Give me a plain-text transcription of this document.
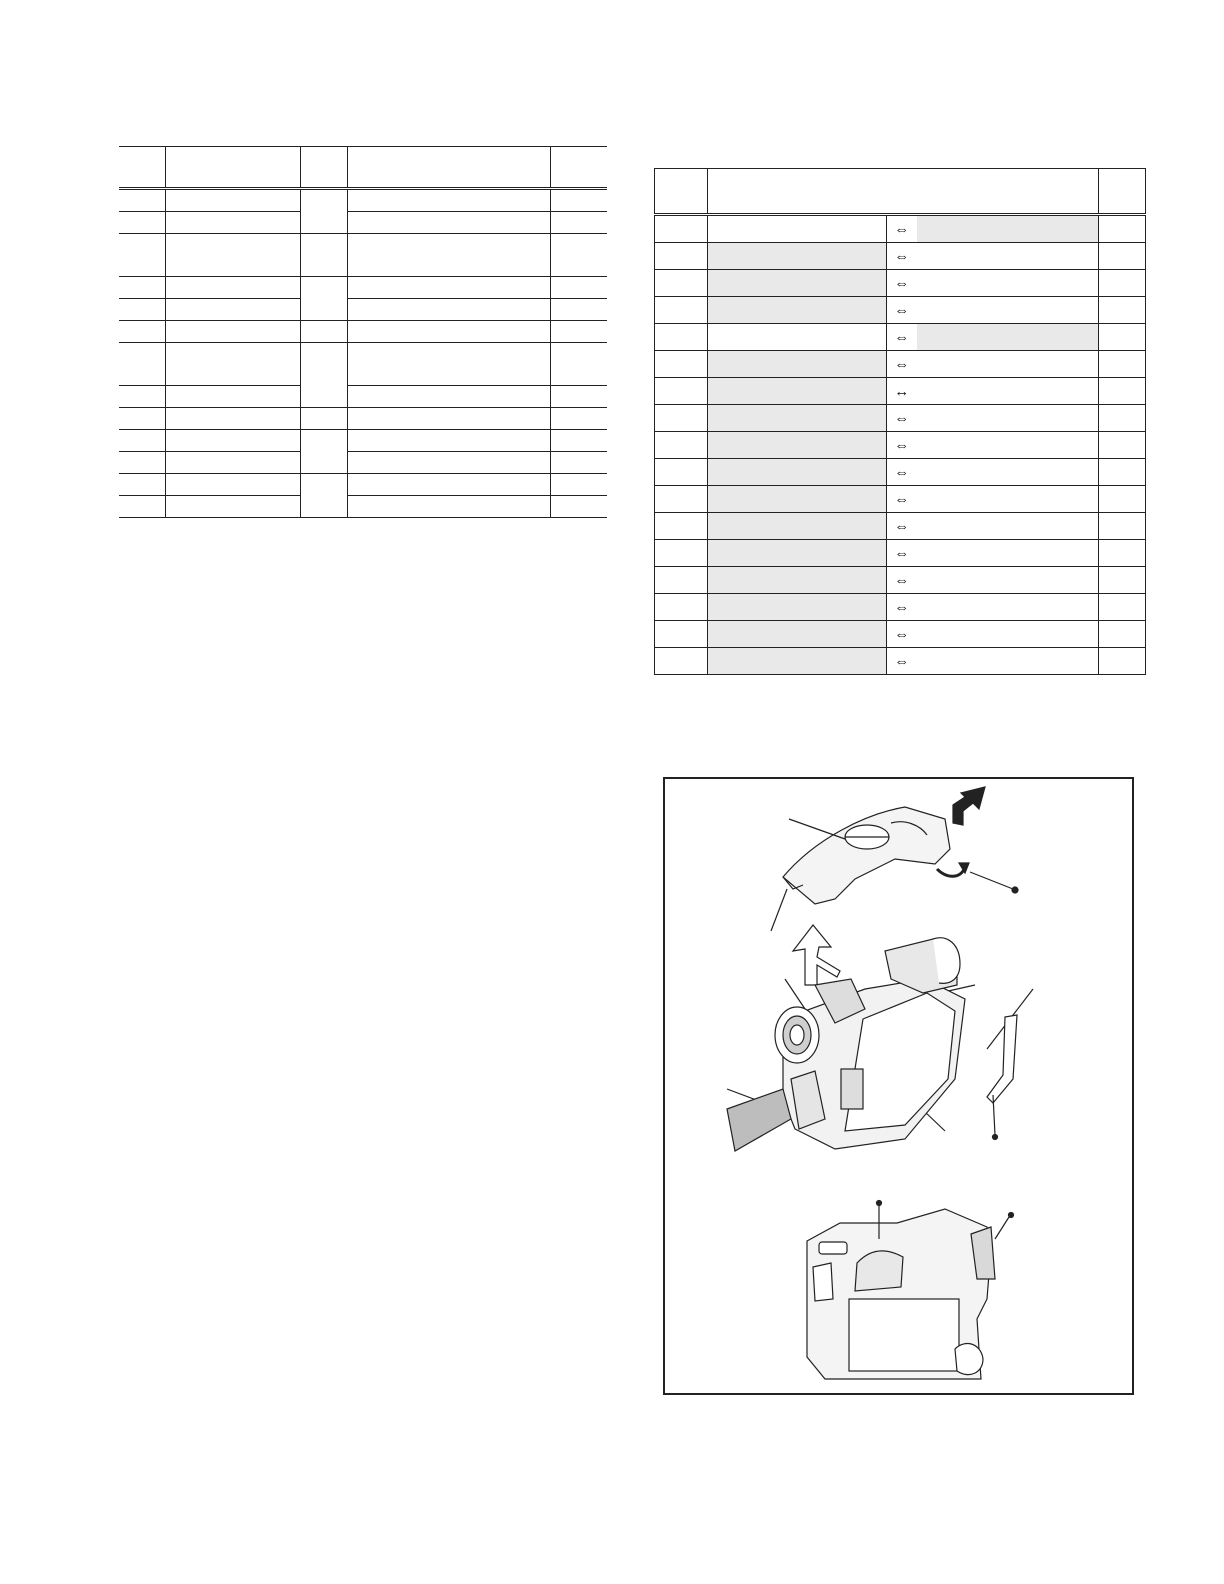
		⇔		
		⇔		
		⇔		
		⇔		
		⇔		
		⇔		
		↔		
		⇔		
		⇔		
		⇔		
		⇔		
		⇔		
		⇔		
		⇔		
		⇔		
		⇔		
		⇔		
